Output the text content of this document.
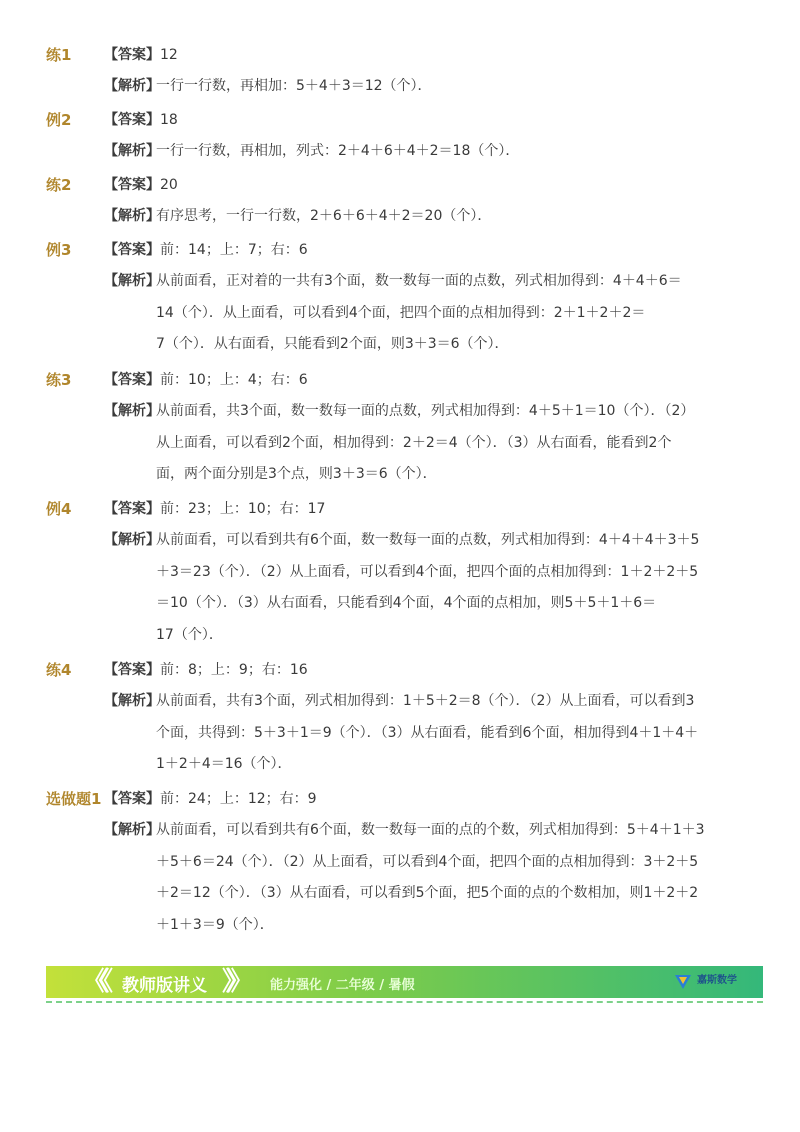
练1 【答案】12
【解析】
一行一行数，再相加：5＋4＋3＝12（个）．
例2 【答案】18
【解析】
一行一行数，再相加，列式：2＋4＋6＋4＋2＝18（个）．
练2 【答案】20
【解析】
有序思考，一行一行数，2＋6＋6＋4＋2＝20（个）．
例3 【答案】前：14；上：7；右：6
【解析】
从前面看，正对着的一共有3个面，数一数每一面的点数，列式相加得到：4＋4＋6＝
14（个）．从上面看，可以看到4个面，把四个面的点相加得到：2＋1＋2＋2＝
7（个）．从右面看，只能看到2个面，则3＋3＝6（个）．
练3 【答案】前：10；上：4；右：6
【解析】
从前面看，共3个面，数一数每一面的点数，列式相加得到：4＋5＋1＝10（个）．（2）
从上面看，可以看到2个面，相加得到：2＋2＝4（个）．（3）从右面看，能看到2个
面，两个面分别是3个点，则3＋3＝6（个）．
例4 【答案】前：23；上：10；右：17
【解析】
从前面看，可以看到共有6个面，数一数每一面的点数，列式相加得到：4＋4＋4＋3＋5
＋3＝23（个）．（2）从上面看，可以看到4个面，把四个面的点相加得到：1＋2＋2＋5
＝10（个）．（3）从右面看，只能看到4个面，4个面的点相加，则5＋5＋1＋6＝
17（个）．
练4 【答案】前：8；上：9；右：16
【解析】
从前面看，共有3个面，列式相加得到：1＋5＋2＝8（个）．（2）从上面看，可以看到3
个面，共得到：5＋3＋1＝9（个）．（3）从右面看，能看到6个面，相加得到4＋1＋4＋
1＋2＋4＝16（个）．
选做题1 【答案】前：24；上：12；右：9
【解析】
从前面看，可以看到共有6个面，数一数每一面的点的个数，列式相加得到：5＋4＋1＋3
＋5＋6＝24（个）．（2）从上面看，可以看到4个面，把四个面的点相加得到：3＋2＋5
＋2＝12（个）．（3）从右面看，可以看到5个面，把5个面的点的个数相加，则1＋2＋2
＋1＋3＝9（个）．
《《 教师版讲义 》》 能力强化 / 二年级 / 暑假	嘉斯数学
